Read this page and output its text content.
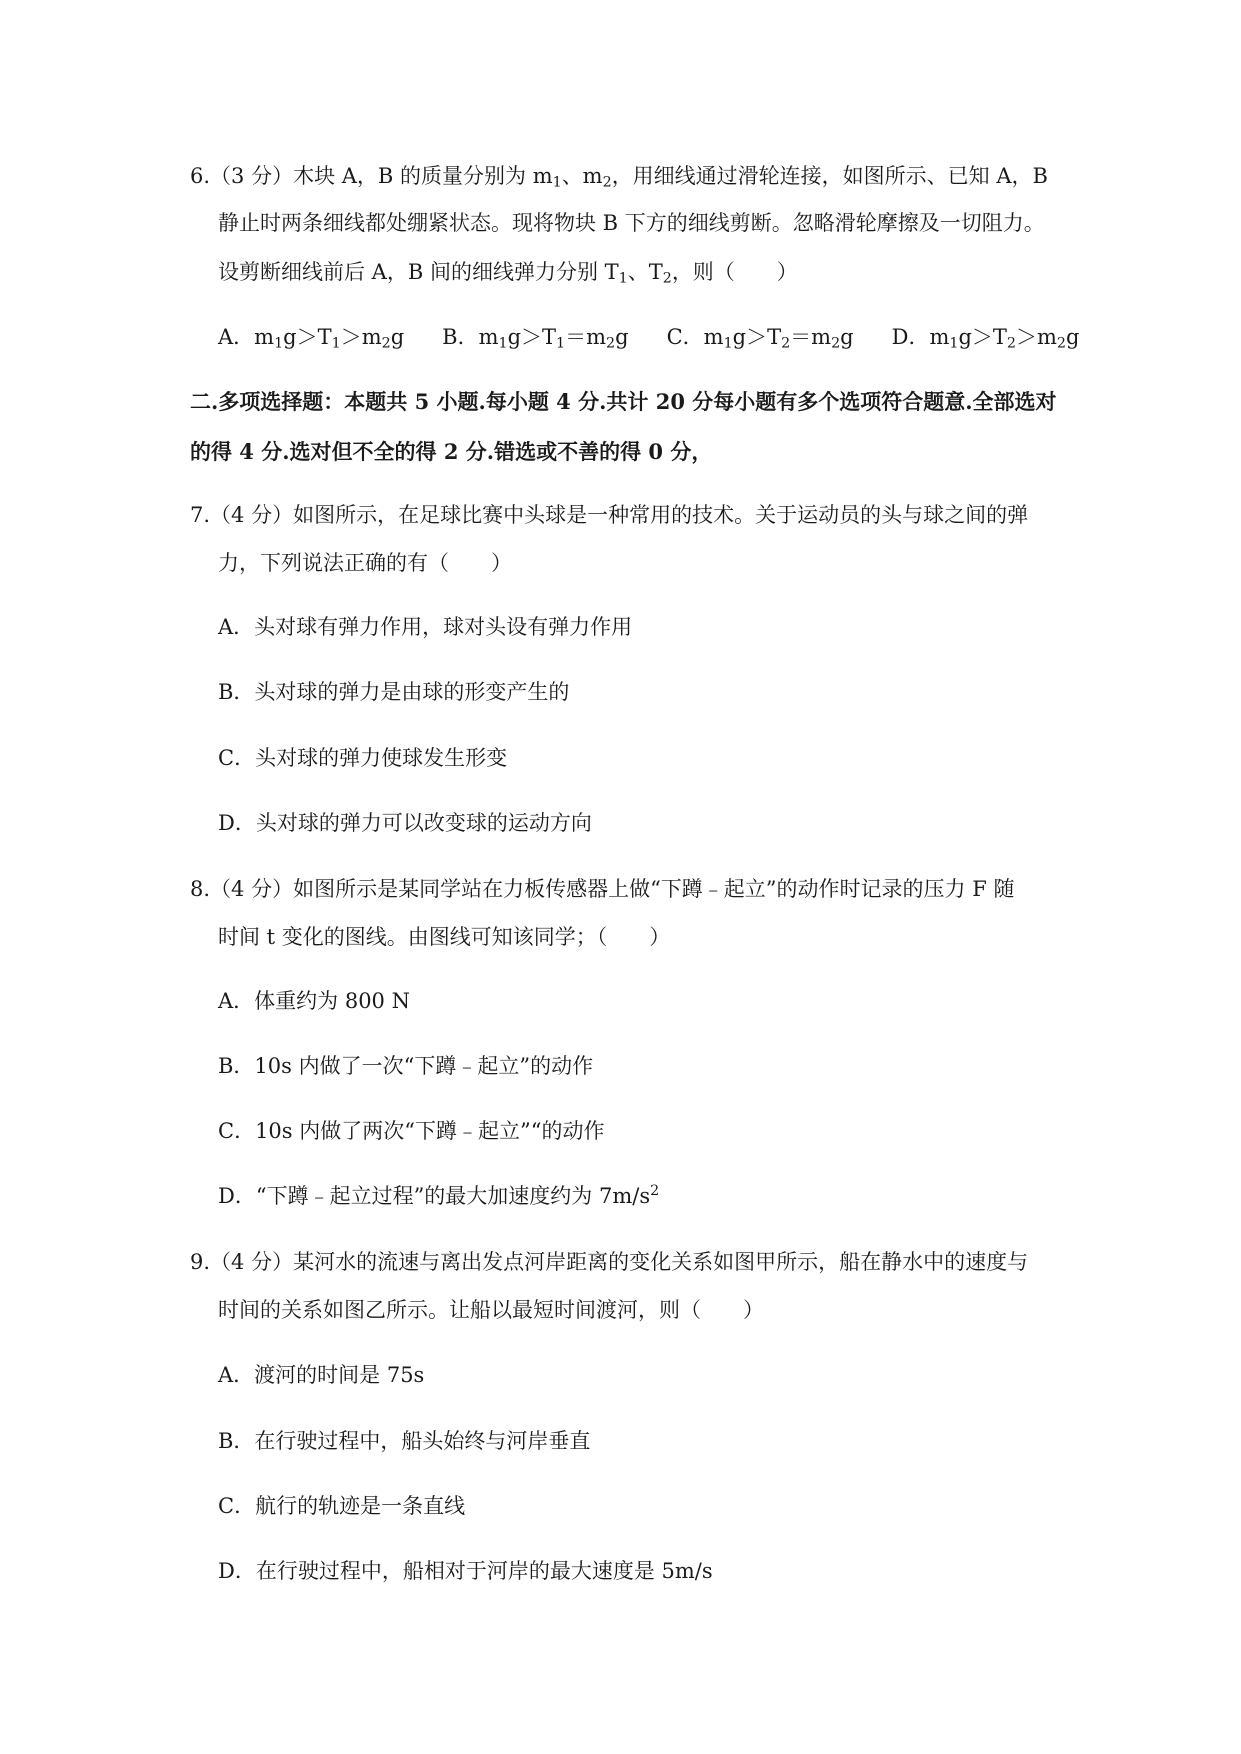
6.（3 分）木块 A，B 的质量分别为 $m_1$、$m_2$，用细线通过滑轮连接，如图所示、已知 A，B
静止时两条细线都处绷紧状态。现将物块 B 下方的细线剪断。忽略滑轮摩擦及一切阻力。
设剪断细线前后 A，B 间的细线弹力分别 $T_1$、$T_2$，则（　　）
A．$m_1g>T_1>m_2g$ B．$m_1g>T_1=m_2g$ C．$m_1g>T_2=m_2g$ D．$m_1g>T_2>m_2g$
二.多项选择题：本题共 5 小题.每小题 4 分.共计 20 分每小题有多个选项符合题意.全部选对
的得 4 分.选对但不全的得 2 分.错选或不善的得 0 分，
7.（4 分）如图所示，在足球比赛中头球是一种常用的技术。关于运动员的头与球之间的弹
力，下列说法正确的有（　　）
A．头对球有弹力作用，球对头设有弹力作用
B．头对球的弹力是由球的形变产生的
C．头对球的弹力使球发生形变
D．头对球的弹力可以改变球的运动方向
8.（4 分）如图所示是某同学站在力板传感器上做“下蹲﹣起立”的动作时记录的压力 F 随
时间 t 变化的图线。由图线可知该同学；（　　）
A．体重约为 800 N
B．10s 内做了一次“下蹲﹣起立”的动作
C．10s 内做了两次“下蹲﹣起立”“的动作
D．“下蹲﹣起立过程”的最大加速度约为 $7m/s^2$
9.（4 分）某河水的流速与离出发点河岸距离的变化关系如图甲所示，船在静水中的速度与
时间的关系如图乙所示。让船以最短时间渡河，则（　　）
A．渡河的时间是 75s
B．在行驶过程中，船头始终与河岸垂直
C．航行的轨迹是一条直线
D．在行驶过程中，船相对于河岸的最大速度是 5m/s
